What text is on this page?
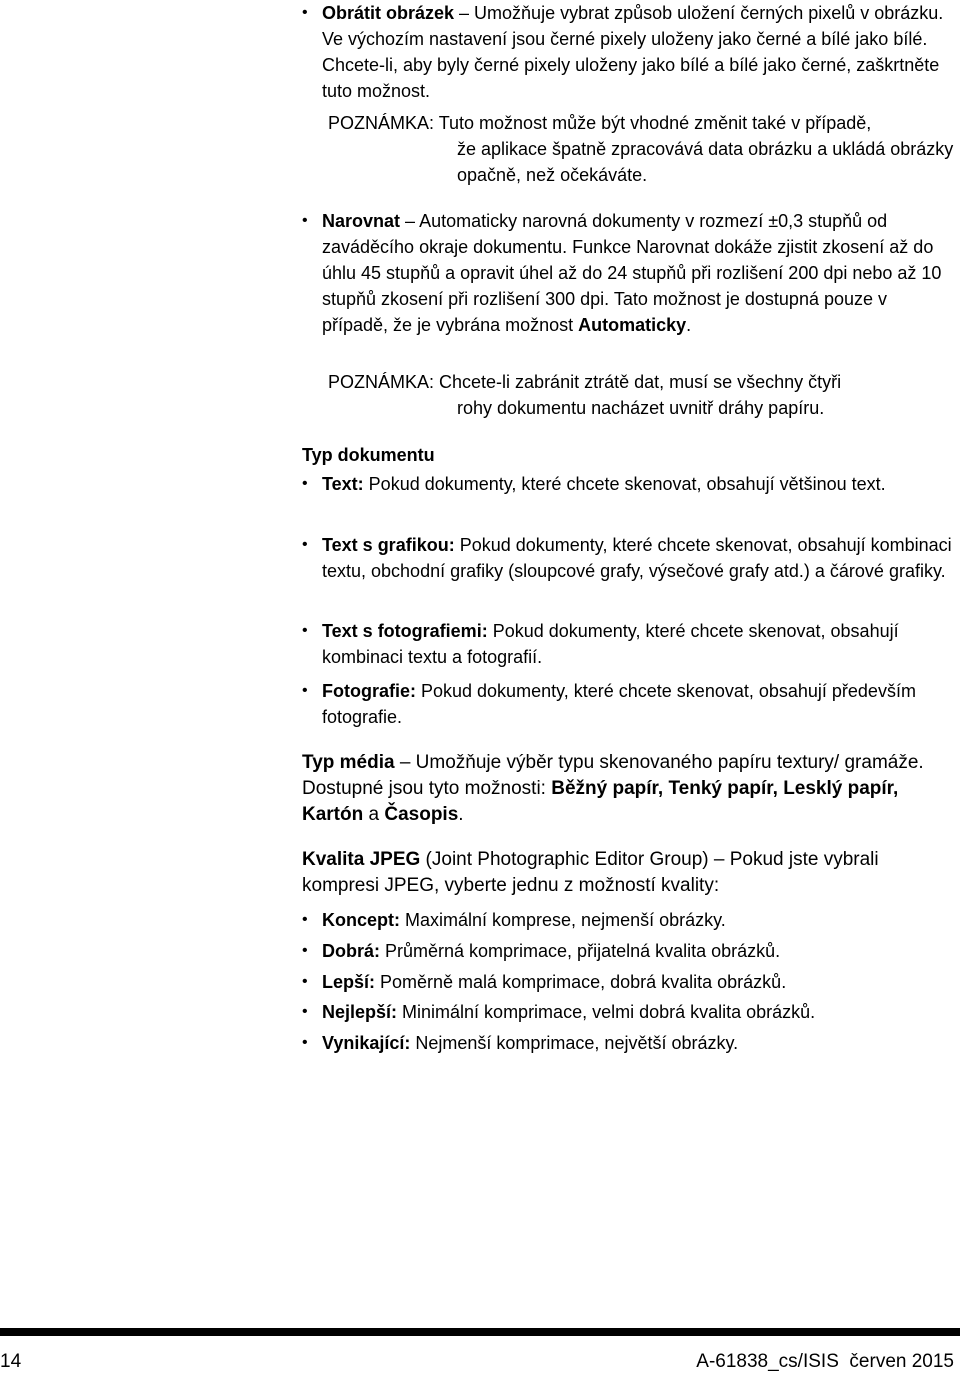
• Obrátit obrázek – Umožňuje vybrat způsob uložení černých pixelů v obrázku. Ve výchozím nastavení jsou černé pixely uloženy jako černé a bílé jako bílé. Chcete-li, aby byly černé pixely uloženy jako bílé a bílé jako černé, zaškrtněte tuto možnost.
POZNÁMKA: Tuto možnost může být vhodné změnit také v případě,
že aplikace špatně zpracovává data obrázku a ukládá obrázky opačně, než očekáváte.
• Narovnat – Automaticky narovná dokumenty v rozmezí ±0,3 stupňů od zaváděcího okraje dokumentu. Funkce Narovnat dokáže zjistit zkosení až do úhlu 45 stupňů a opravit úhel až do 24 stupňů při rozlišení 200 dpi nebo až 10 stupňů zkosení při rozlišení 300 dpi. Tato možnost je dostupná pouze v případě, že je vybrána možnost Automaticky.
POZNÁMKA: Chcete-li zabránit ztrátě dat, musí se všechny čtyři
rohy dokumentu nacházet uvnitř dráhy papíru.
Typ dokumentu
• Text: Pokud dokumenty, které chcete skenovat, obsahují většinou text.
• Text s grafikou: Pokud dokumenty, které chcete skenovat, obsahují kombinaci textu, obchodní grafiky (sloupcové grafy, výsečové grafy atd.) a čárové grafiky.
• Text s fotografiemi: Pokud dokumenty, které chcete skenovat, obsahují kombinaci textu a fotografií.
• Fotografie: Pokud dokumenty, které chcete skenovat, obsahují především fotografie.
Typ média – Umožňuje výběr typu skenovaného papíru textury/ gramáže. Dostupné jsou tyto možnosti: Běžný papír, Tenký papír, Lesklý papír, Kartón a Časopis.
Kvalita JPEG (Joint Photographic Editor Group) – Pokud jste vybrali kompresi JPEG, vyberte jednu z možností kvality:
• Koncept: Maximální komprese, nejmenší obrázky.
• Dobrá: Průměrná komprimace, přijatelná kvalita obrázků.
• Lepší: Poměrně malá komprimace, dobrá kvalita obrázků.
• Nejlepší: Minimální komprimace, velmi dobrá kvalita obrázků.
• Vynikající: Nejmenší komprimace, největší obrázky.
14	A-61838_cs/ISIS  červen 2015
